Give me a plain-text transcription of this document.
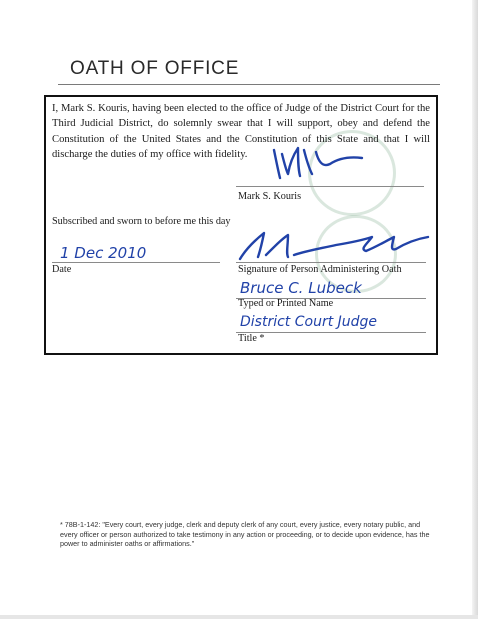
OATH OF OFFICE

I, Mark S. Kouris, having been elected to the office of Judge of the District Court for the Third Judicial District, do solemnly swear that I will support, obey and defend the Constitution of the United States and the Constitution of this State and that I will discharge the duties of my office with fidelity.

Mark S. Kouris
Subscribed and sworn to before me this day
1 Dec 2010
Date	Signature of Person Administering Oath
Bruce C. Lubeck
Typed or Printed Name
District Court Judge
Title *

* 78B-1-142: "Every court, every judge, clerk and deputy clerk of any court, every justice, every notary public, and every officer or person authorized to take testimony in any action or proceeding, or to decide upon evidence, has the power to administer oaths or affirmations."
